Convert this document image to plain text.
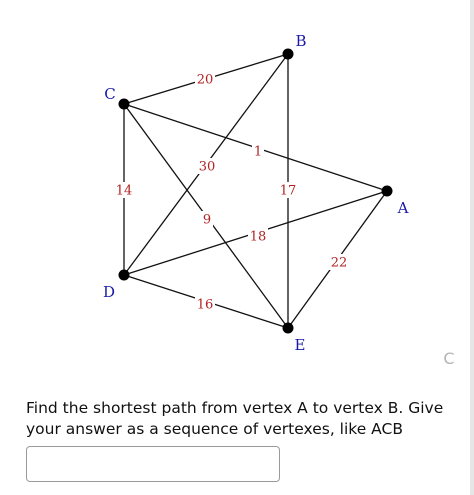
20
1
14
9
30
17
18
22
16
B
C
A
D
E
C

Find the shortest path from vertex A to vertex B. Give your answer as a sequence of vertexes, like ACB
